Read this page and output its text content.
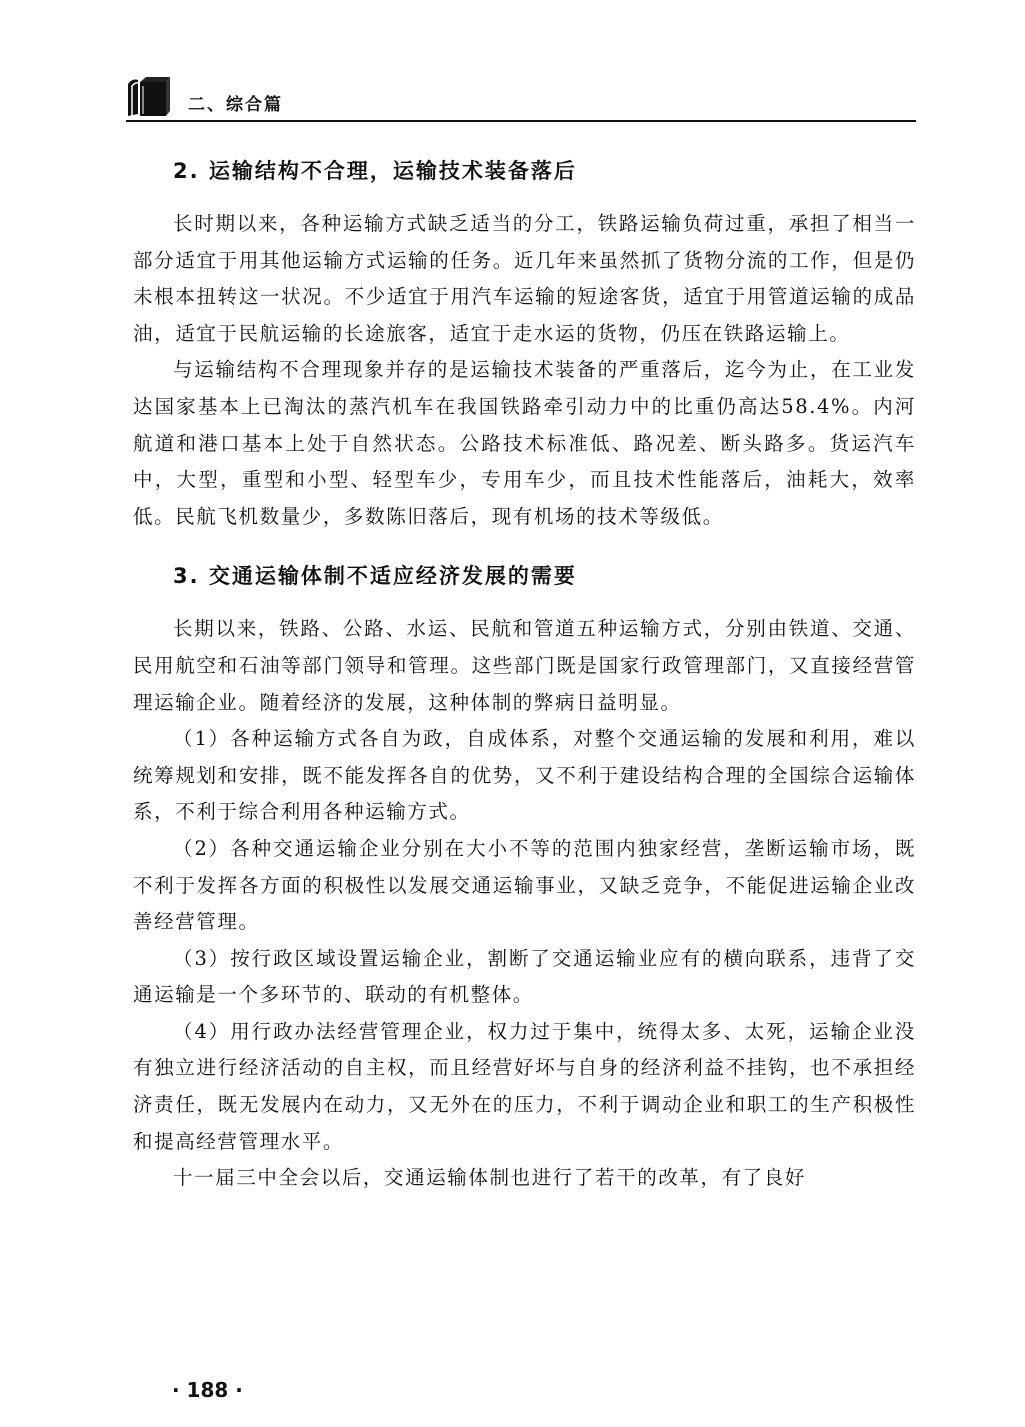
二、综合篇
2. 运输结构不合理，运输技术装备落后

长时期以来，各种运输方式缺乏适当的分工，铁路运输负荷过重，承担了相当一部分适宜于用其他运输方式运输的任务。近几年来虽然抓了货物分流的工作，但是仍未根本扭转这一状况。不少适宜于用汽车运输的短途客货，适宜于用管道运输的成品油，适宜于民航运输的长途旅客，适宜于走水运的货物，仍压在铁路运输上。

与运输结构不合理现象并存的是运输技术装备的严重落后，迄今为止，在工业发达国家基本上已淘汰的蒸汽机车在我国铁路牵引动力中的比重仍高达58.4%。内河航道和港口基本上处于自然状态。公路技术标准低、路况差、断头路多。货运汽车中，大型，重型和小型、轻型车少，专用车少，而且技术性能落后，油耗大，效率低。民航飞机数量少，多数陈旧落后，现有机场的技术等级低。

3. 交通运输体制不适应经济发展的需要

长期以来，铁路、公路、水运、民航和管道五种运输方式，分别由铁道、交通、民用航空和石油等部门领导和管理。这些部门既是国家行政管理部门，又直接经营管理运输企业。随着经济的发展，这种体制的弊病日益明显。

（1）各种运输方式各自为政，自成体系，对整个交通运输的发展和利用，难以统筹规划和安排，既不能发挥各自的优势，又不利于建设结构合理的全国综合运输体系，不利于综合利用各种运输方式。

（2）各种交通运输企业分别在大小不等的范围内独家经营，垄断运输市场，既不利于发挥各方面的积极性以发展交通运输事业，又缺乏竞争，不能促进运输企业改善经营管理。

（3）按行政区域设置运输企业，割断了交通运输业应有的横向联系，违背了交通运输是一个多环节的、联动的有机整体。

（4）用行政办法经营管理企业，权力过于集中，统得太多、太死，运输企业没有独立进行经济活动的自主权，而且经营好坏与自身的经济利益不挂钩，也不承担经济责任，既无发展内在动力，又无外在的压力，不利于调动企业和职工的生产积极性和提高经营管理水平。

十一届三中全会以后，交通运输体制也进行了若干的改革，有了良好

· 188 ·
